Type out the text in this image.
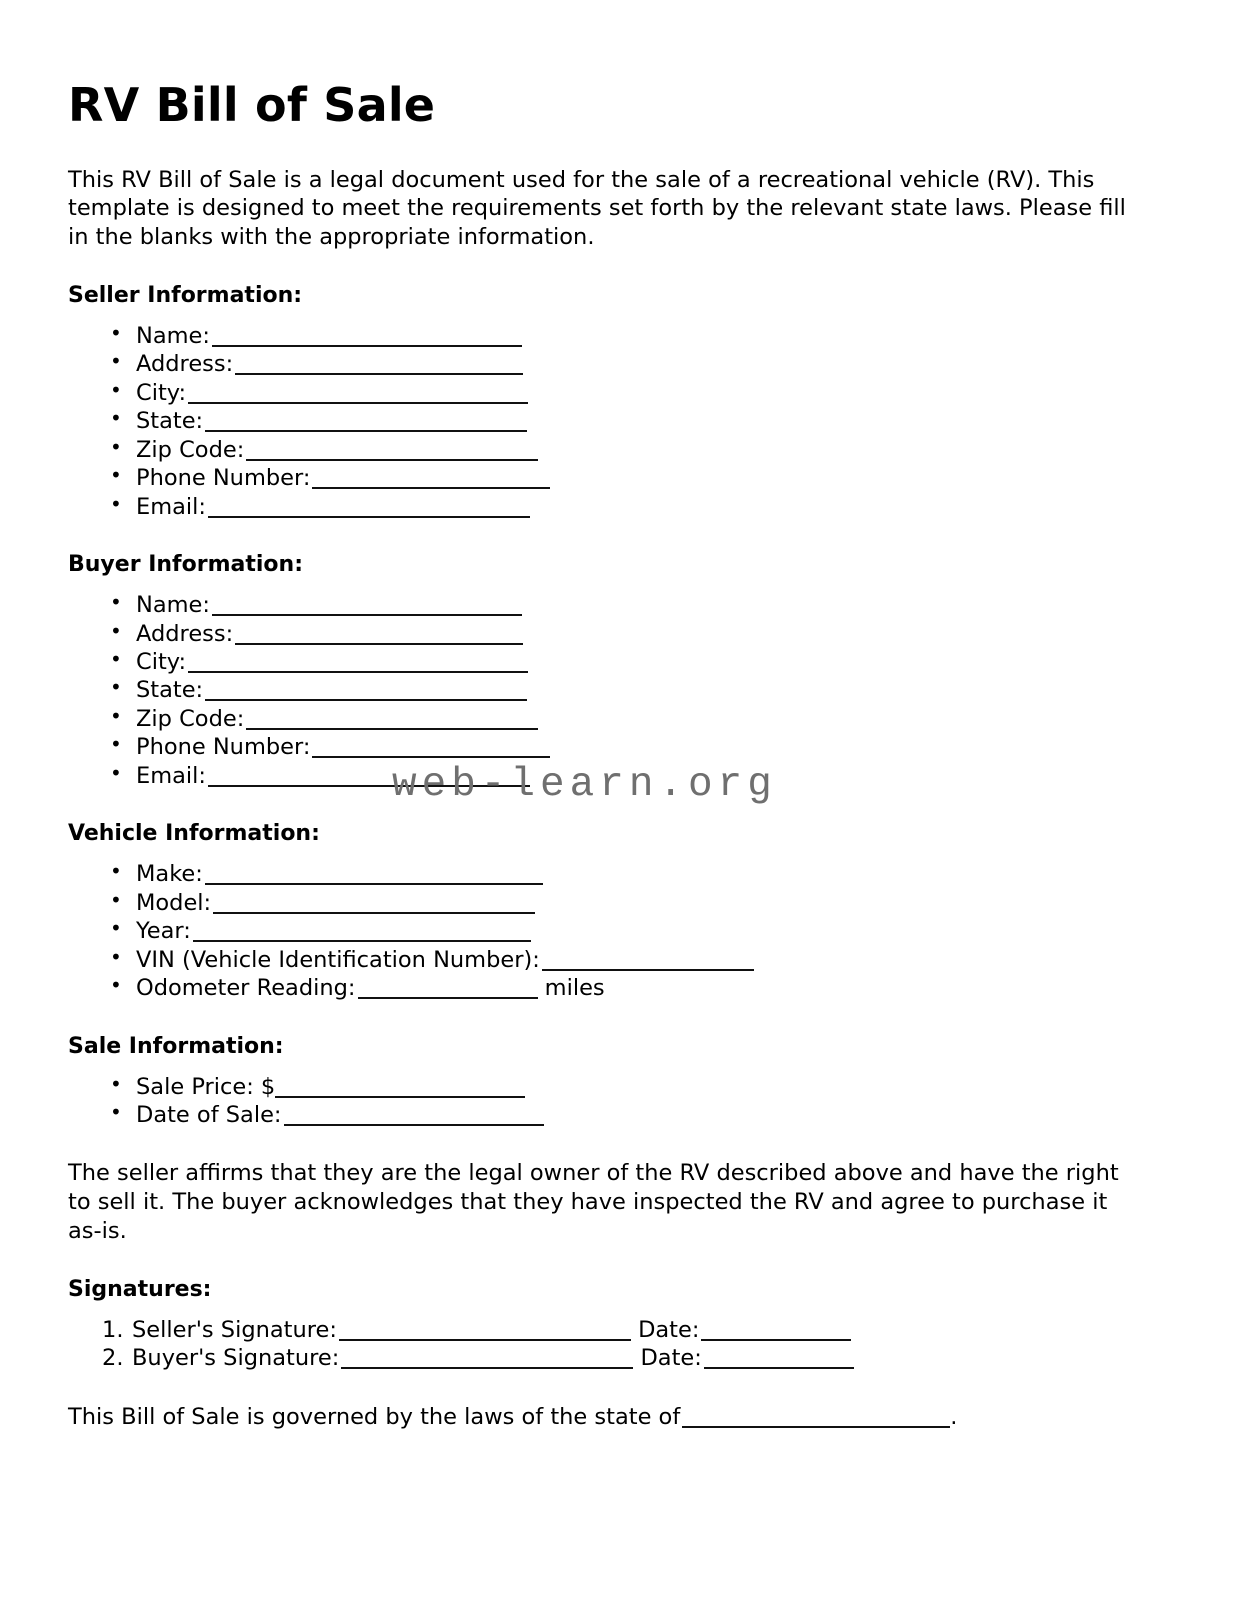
RV Bill of Sale

This RV Bill of Sale is a legal document used for the sale of a recreational vehicle (RV). This template is designed to meet the requirements set forth by the relevant state laws. Please fill in the blanks with the appropriate information.

Seller Information:
• Name:
• Address:
• City:
• State:
• Zip Code:
• Phone Number:
• Email:
Buyer Information:
• Name:
• Address:
• City:
• State:
• Zip Code:
• Phone Number:
• Email:
Vehicle Information:
• Make:
• Model:
• Year:
• VIN (Vehicle Identification Number):
• Odometer Reading:	miles
Sale Information:
• Sale Price: $
• Date of Sale:

The seller affirms that they are the legal owner of the RV described above and have the right to sell it. The buyer acknowledges that they have inspected the RV and agree to purchase it as-is.

Signatures:
Seller's Signature:	Date:
Buyer's Signature:	Date:

This Bill of Sale is governed by the laws of the state of	.

web-learn.org
